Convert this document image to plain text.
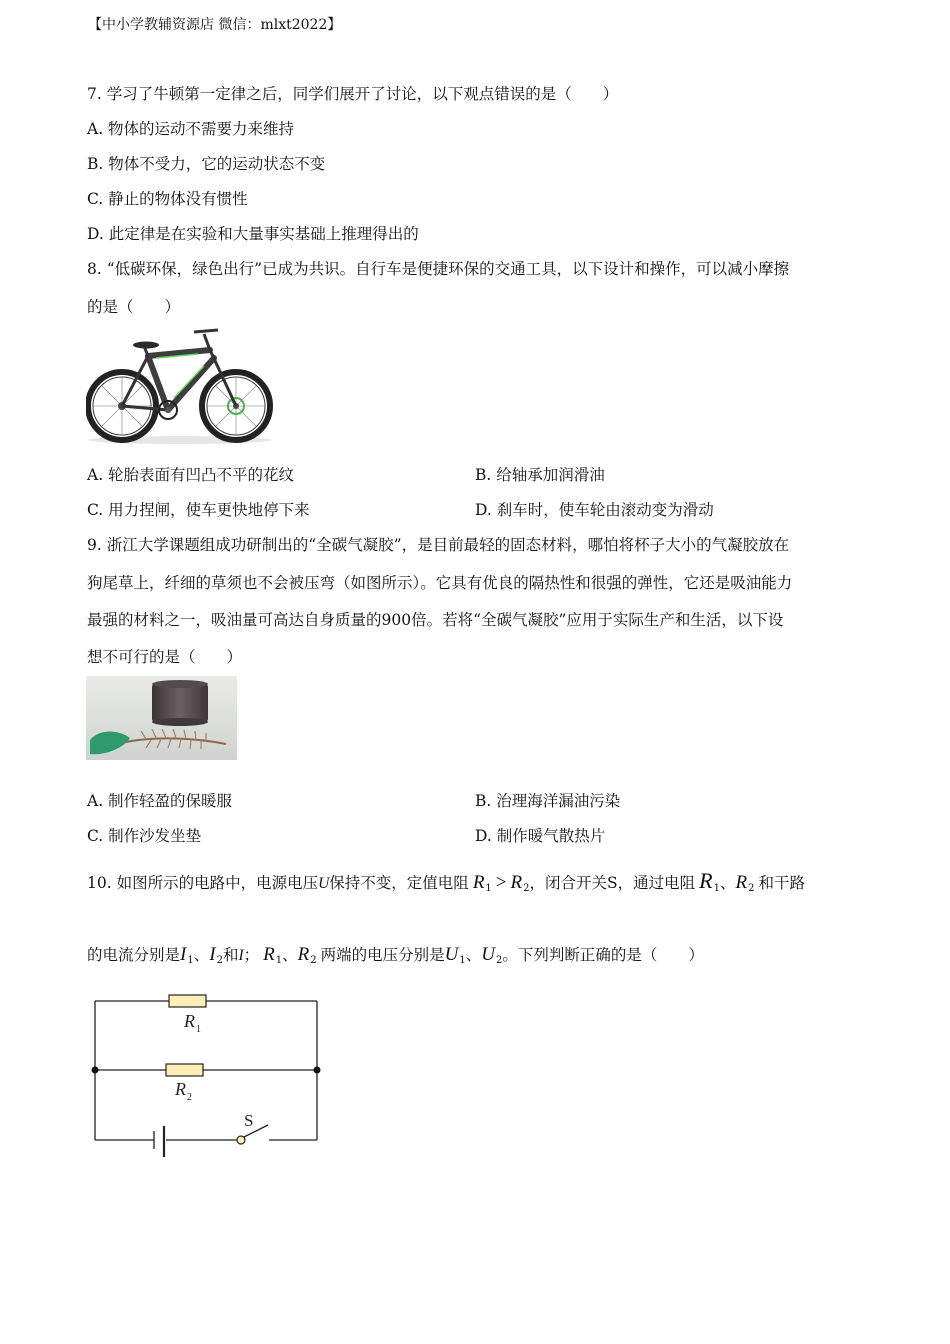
【中小学教辅资源店 微信：mlxt2022】
7. 学习了牛顿第一定律之后，同学们展开了讨论，以下观点错误的是（　　）
A. 物体的运动不需要力来维持
B. 物体不受力，它的运动状态不变
C. 静止的物体没有惯性
D. 此定律是在实验和大量事实基础上推理得出的
8. “低碳环保，绿色出行”已成为共识。自行车是便捷环保的交通工具，以下设计和操作，可以减小摩擦
的是（　　）
A. 轮胎表面有凹凸不平的花纹	B. 给轴承加润滑油
C. 用力捏闸，使车更快地停下来	D. 刹车时，使车轮由滚动变为滑动
9. 浙江大学课题组成功研制出的“全碳气凝胶”，是目前最轻的固态材料，哪怕将杯子大小的气凝胶放在
狗尾草上，纤细的草须也不会被压弯（如图所示）。它具有优良的隔热性和很强的弹性，它还是吸油能力
最强的材料之一，吸油量可高达自身质量的900倍。若将“全碳气凝胶”应用于实际生产和生活，以下设
想不可行的是（　　）
A. 制作轻盈的保暖服	B. 治理海洋漏油污染
C. 制作沙发坐垫	D. 制作暖气散热片
10. 如图所示的电路中，电源电压U保持不变，定值电阻 $R_1 > R_2$，闭合开关S，通过电阻 $R_1$、$R_2$ 和干路
的电流分别是$I_1$、$I_2$和I； $R_1$、$R_2$ 两端的电压分别是$U_1$、$U_2$。下列判断正确的是（　　）
R 1
R 2
S
